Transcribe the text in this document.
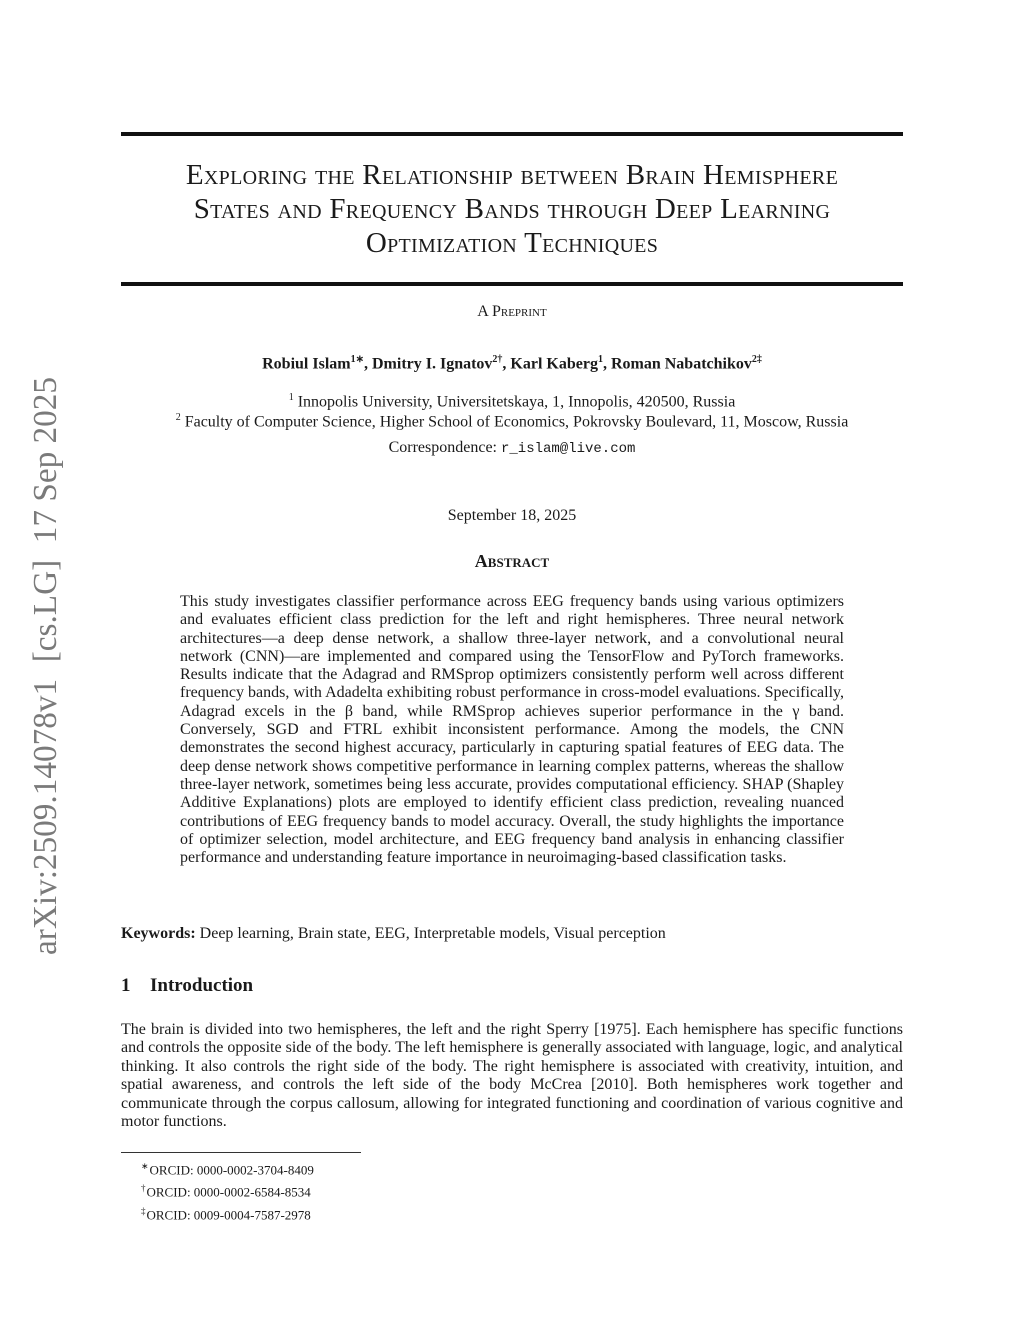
arXiv:2509.14078v1  [cs.LG]  17 Sep 2025
Exploring the Relationship between Brain Hemisphere
States and Frequency Bands through Deep Learning
Optimization Techniques
A Preprint
Robiul Islam$^{1∗}$, Dmitry I. Ignatov$^{2\dagger}$, Karl Kaberg$^1$, Roman Nabatchikov$^{2\ddagger}$
$^1$ Innopolis University, Universitetskaya, 1, Innopolis, 420500, Russia
$^2$ Faculty of Computer Science, Higher School of Economics, Pokrovsky Boulevard, 11, Moscow, Russia
Correspondence: r_islam@live.com
September 18, 2025
Abstract
This study investigates classifier performance across EEG frequency bands using various optimizers and evaluates efficient class prediction for the left and right hemispheres. Three neural network architectures—a deep dense network, a shallow three-layer network, and a convolutional neural network (CNN)—are implemented and compared using the TensorFlow and PyTorch frameworks. Results indicate that the Adagrad and RMSprop optimizers consistently perform well across different frequency bands, with Adadelta exhibiting robust performance in cross-model evaluations. Specifically, Adagrad excels in the β band, while RMSprop achieves superior performance in the γ band. Conversely, SGD and FTRL exhibit inconsistent performance. Among the models, the CNN demonstrates the second highest accuracy, particularly in capturing spatial features of EEG data. The deep dense network shows competitive performance in learning complex patterns, whereas the shallow three-layer network, sometimes being less accurate, provides computational efficiency. SHAP (Shapley Additive Explanations) plots are employed to identify efficient class prediction, revealing nuanced contributions of EEG frequency bands to model accuracy. Overall, the study highlights the importance of optimizer selection, model architecture, and EEG frequency band analysis in enhancing classifier performance and understanding feature importance in neuroimaging-based classification tasks.
Keywords: Deep learning, Brain state, EEG, Interpretable models, Visual perception
1 Introduction
The brain is divided into two hemispheres, the left and the right Sperry [1975]. Each hemisphere has specific functions and controls the opposite side of the body. The left hemisphere is generally associated with language, logic, and analytical thinking. It also controls the right side of the body. The right hemisphere is associated with creativity, intuition, and spatial awareness, and controls the left side of the body McCrea [2010]. Both hemispheres work together and communicate through the corpus callosum, allowing for integrated functioning and coordination of various cognitive and motor functions.
∗ORCID: 0000-0002-3704-8409
†ORCID: 0000-0002-6584-8534
‡ORCID: 0009-0004-7587-2978
